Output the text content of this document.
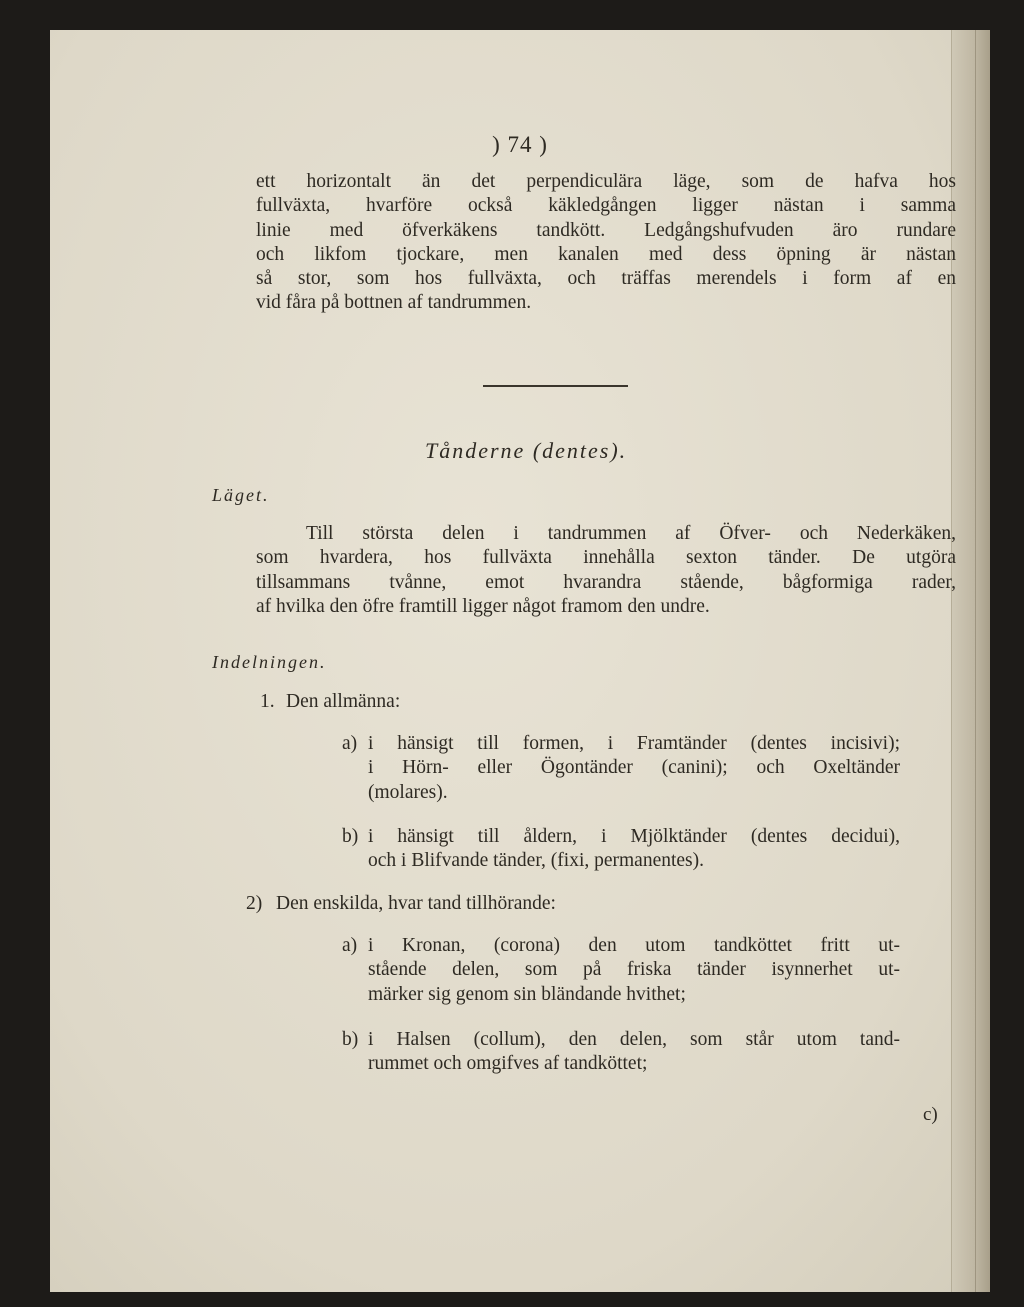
) 74 )
ett horizontalt än det perpendiculära läge, som de hafva hos
fullväxta, hvarföre också käkledgången ligger nästan i samma
linie med öfverkäkens tandkött. Ledgångshufvuden äro rundare
och likfom tjockare, men kanalen med dess öpning är nästan
så stor, som hos fullväxta, och träffas merendels i form af en
vid fåra på bottnen af tandrummen.
Tånderne (dentes).
Läget.
Till största delen i tandrummen af Öfver- och Nederkäken,
som hvardera, hos fullväxta innehålla sexton tänder. De utgöra
tillsammans tvånne, emot hvarandra stående, bågformiga rader,
af hvilka den öfre framtill ligger något framom den undre.
Indelningen.
1. Den allmänna:
a) i hänsigt till formen, i Framtänder (dentes incisivi);
i Hörn- eller Ögontänder (canini); och Oxeltänder
(molares).
b) i hänsigt till åldern, i Mjölktänder (dentes decidui),
och i Blifvande tänder, (fixi, permanentes).
2) Den enskilda, hvar tand tillhörande:
a) i Kronan, (corona) den utom tandköttet fritt ut-
stående delen, som på friska tänder isynnerhet ut-
märker sig genom sin bländande hvithet;
b) i Halsen (collum), den delen, som står utom tand-
rummet och omgifves af tandköttet;
c)
